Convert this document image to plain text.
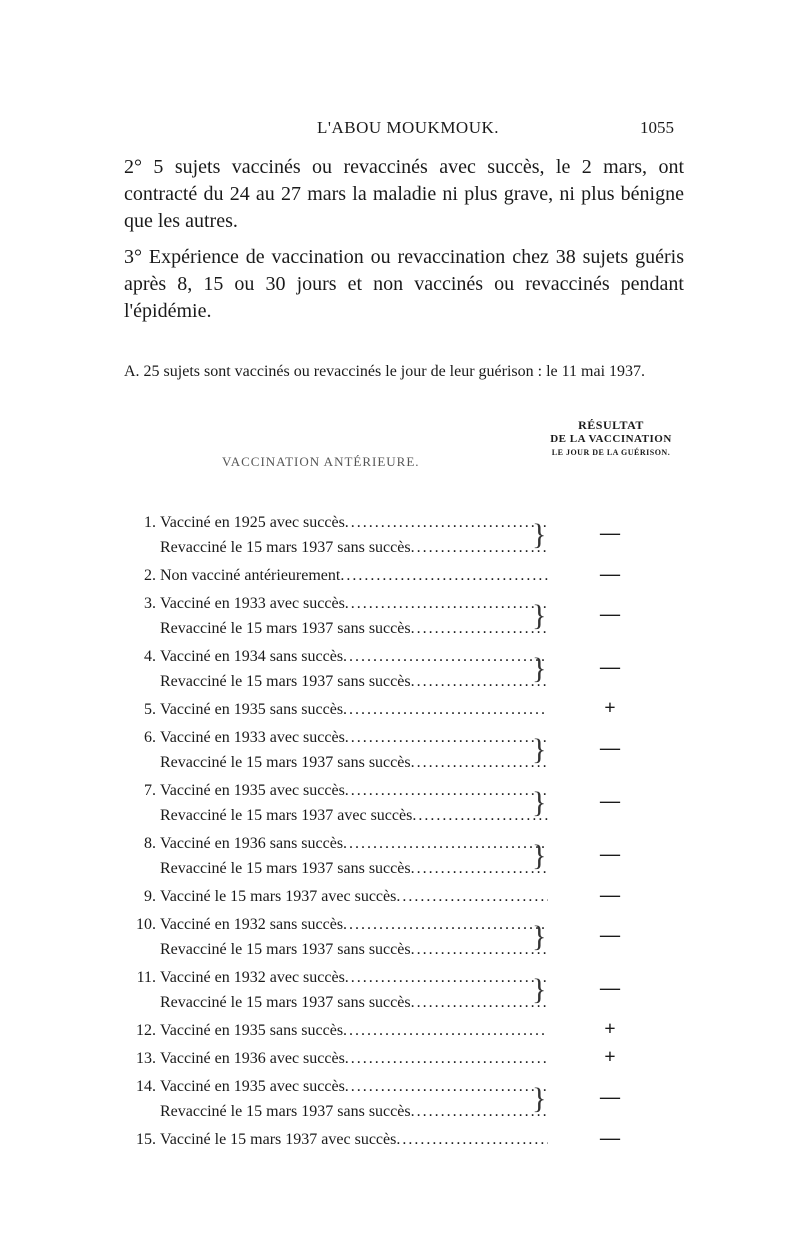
L'ABOU MOUKMOUK.	1055

2° 5 sujets vaccinés ou revaccinés avec succès, le 2 mars, ont contracté du 24 au 27 mars la maladie ni plus grave, ni plus bénigne que les autres.

3° Expérience de vaccination ou revaccination chez 38 sujets guéris après 8, 15 ou 30 jours et non vaccinés ou revaccinés pendant l'épidémie.

A. 25 sujets sont vaccinés ou revaccinés le jour de leur guérison : le 11 mai 1937.
RÉSULTAT
DE LA VACCINATION
LE JOUR DE LA GUÉRISON.
VACCINATION ANTÉRIEURE.
1. Vacciné en 1925 avec succès
.....
Revacciné le 15 mars 1937 sans succès .....	}	—
2. Non vacciné antérieurement .....	—
3. Vacciné en 1933 avec succès
.....
Revacciné le 15 mars 1937 sans succès .....	}	—
4. Vacciné en 1934 sans succès
.....
Revacciné le 15 mars 1937 sans succès .....	}	—
5. Vacciné en 1935 sans succès .....	+
6. Vacciné en 1933 avec succès
.....
Revacciné le 15 mars 1937 sans succès .....	}	—
7. Vacciné en 1935 avec succès
.....
Revacciné le 15 mars 1937 avec succès .....	}	—
8. Vacciné en 1936 sans succès
.....
Revacciné le 15 mars 1937 sans succès .....	}	—
9. Vacciné le 15 mars 1937 avec succès .....	—
10. Vacciné en 1932 sans succès
.....
Revacciné le 15 mars 1937 sans succès .....	}	—
11. Vacciné en 1932 avec succès
.....
Revacciné le 15 mars 1937 sans succès .....	}	—
12. Vacciné en 1935 sans succès .....	+
13. Vacciné en 1936 avec succès .....	+
14. Vacciné en 1935 avec succès
.....
Revacciné le 15 mars 1937 sans succès .....	}	—
15. Vacciné le 15 mars 1937 avec succès .....	—
